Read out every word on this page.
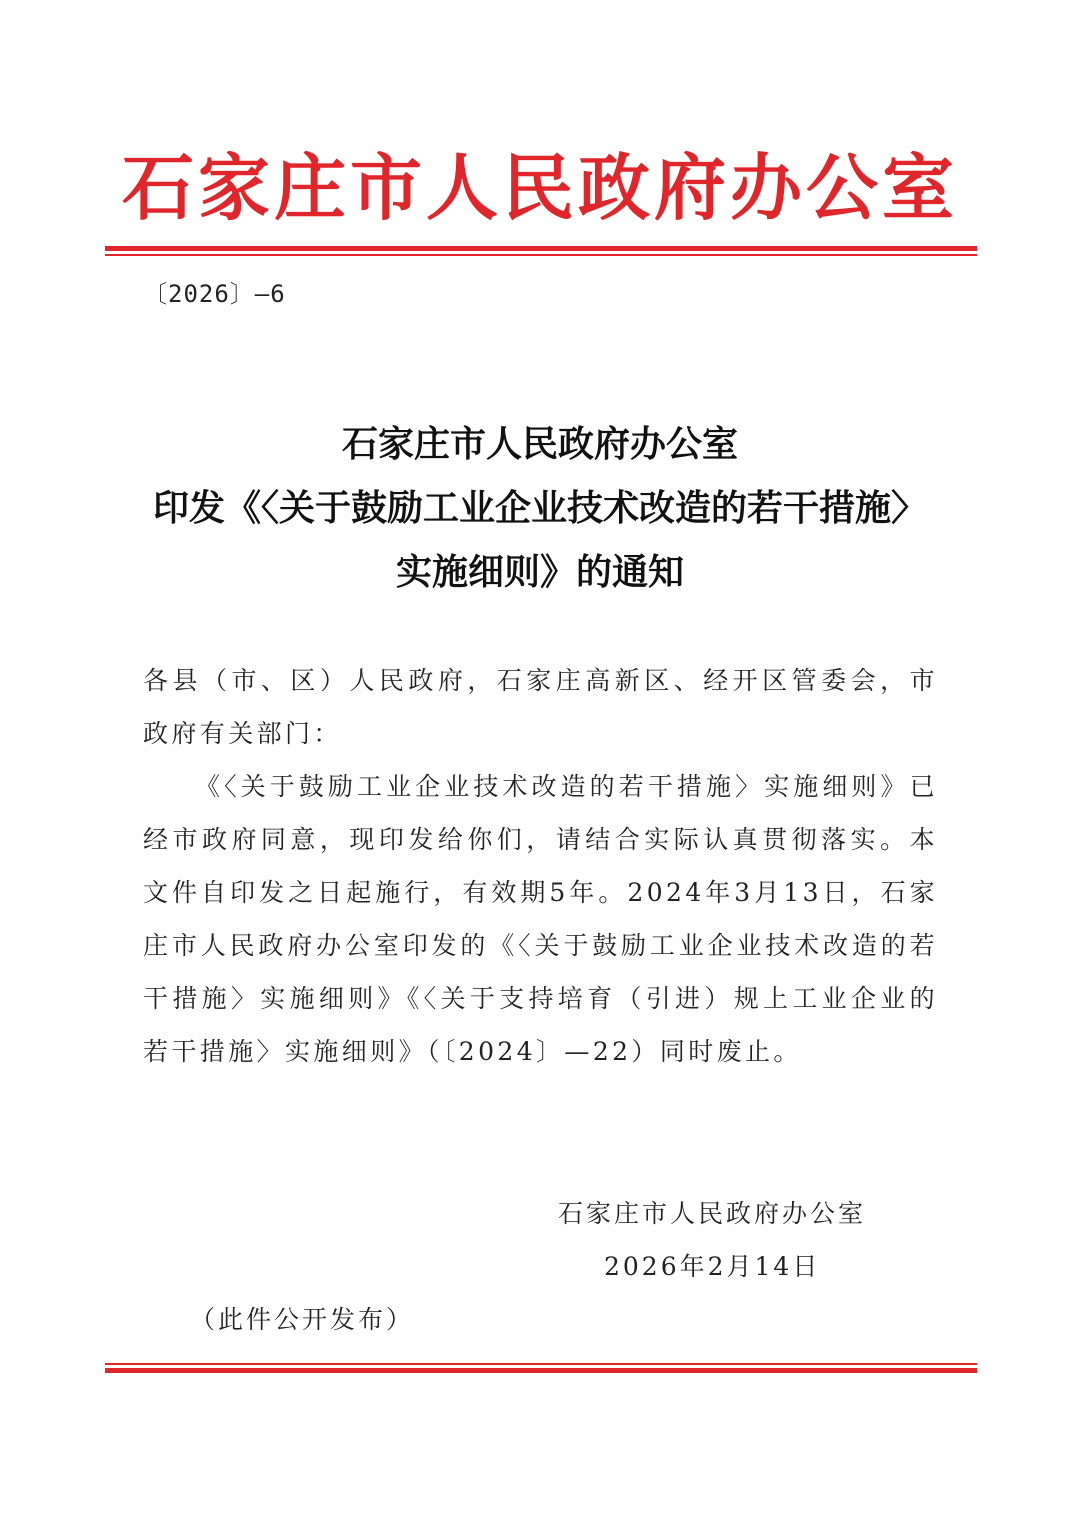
石家庄市人民政府办公室
〔2026〕—6
石家庄市人民政府办公室
印发《〈关于鼓励工业企业技术改造的若干措施〉
实施细则》的通知

各县（市、区）人民政府，石家庄高新区、经开区管委会，市政府有关部门：

《〈关于鼓励工业企业技术改造的若干措施〉实施细则》已经市政府同意，现印发给你们，请结合实际认真贯彻落实。本文件自印发之日起施行，有效期5年。2024年3月13日，石家庄市人民政府办公室印发的《〈关于鼓励工业企业技术改造的若干措施〉实施细则》《〈关于支持培育（引进）规上工业企业的若干措施〉实施细则》（〔2024〕—22）同时废止。

石家庄市人民政府办公室
2026年2月14日
（此件公开发布）
